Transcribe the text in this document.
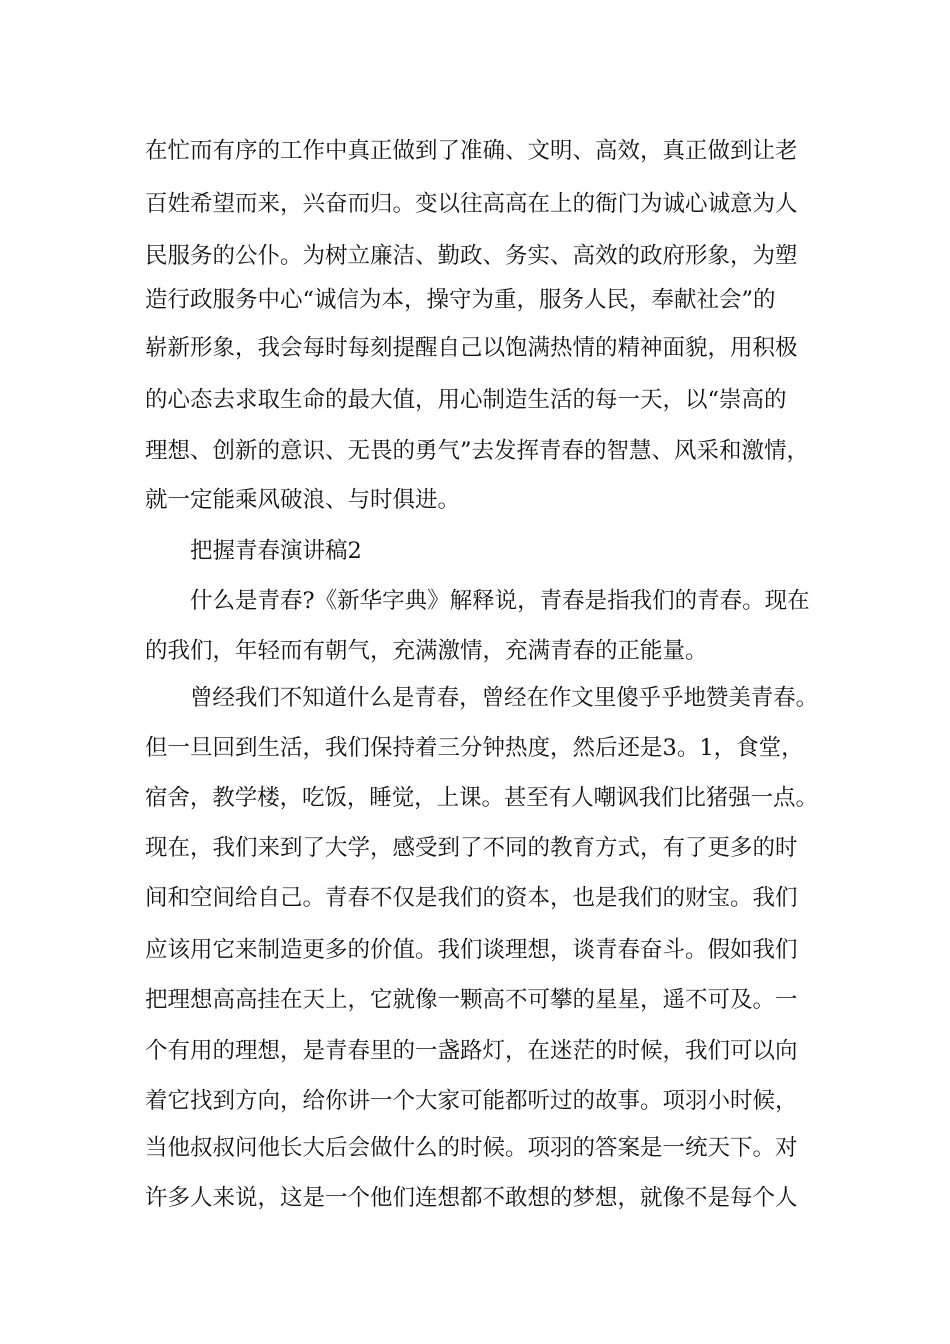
在忙而有序的工作中真正做到了准确、文明、高效，真正做到让老

百姓希望而来，兴奋而归。变以往高高在上的衙门为诚心诚意为人

民服务的公仆。为树立廉洁、勤政、务实、高效的政府形象，为塑

造行政服务中心“诚信为本，操守为重，服务人民，奉献社会”的

崭新形象，我会每时每刻提醒自己以饱满热情的精神面貌，用积极

的心态去求取生命的最大值，用心制造生活的每一天，以“崇高的

理想、创新的意识、无畏的勇气”去发挥青春的智慧、风采和激情，

就一定能乘风破浪、与时俱进。

把握青春演讲稿2

什么是青春?《新华字典》解释说，青春是指我们的青春。现在

的我们，年轻而有朝气，充满激情，充满青春的正能量。

曾经我们不知道什么是青春，曾经在作文里傻乎乎地赞美青春。

但一旦回到生活，我们保持着三分钟热度，然后还是3。1，食堂，

宿舍，教学楼，吃饭，睡觉，上课。甚至有人嘲讽我们比猪强一点。

现在，我们来到了大学，感受到了不同的教育方式，有了更多的时

间和空间给自己。青春不仅是我们的资本，也是我们的财宝。我们

应该用它来制造更多的价值。我们谈理想，谈青春奋斗。假如我们

把理想高高挂在天上，它就像一颗高不可攀的星星，遥不可及。一

个有用的理想，是青春里的一盏路灯，在迷茫的时候，我们可以向

着它找到方向，给你讲一个大家可能都听过的故事。项羽小时候，

当他叔叔问他长大后会做什么的时候。项羽的答案是一统天下。对

许多人来说，这是一个他们连想都不敢想的梦想，就像不是每个人
